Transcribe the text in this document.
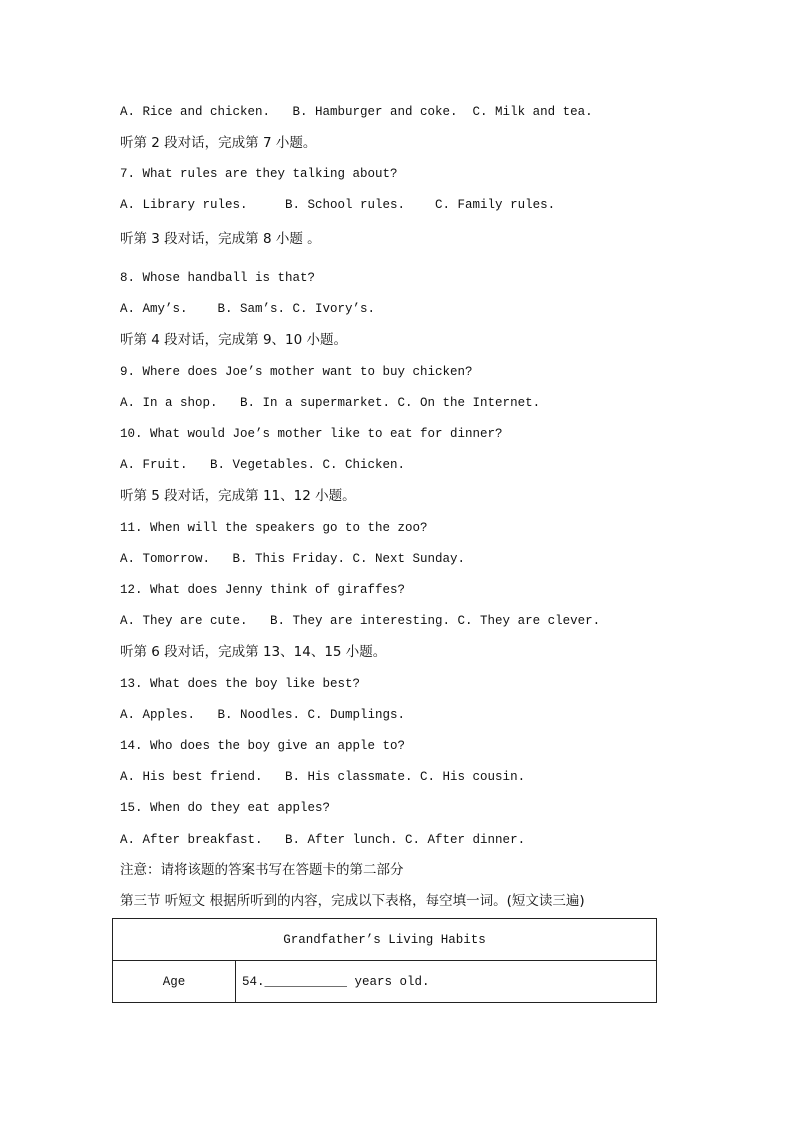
A. Rice and chicken.   B. Hamburger and coke.  C. Milk and tea.
听第 2 段对话，完成第 7 小题。
7. What rules are they talking about?
A. Library rules.     B. School rules.    C. Family rules.
听第 3 段对话，完成第 8 小题 。
8. Whose handball is that?
A. Amy’s.    B. Sam’s. C. Ivory’s.
听第 4 段对话，完成第 9、10 小题。
9. Where does Joe’s mother want to buy chicken?
A. In a shop.   B. In a supermarket. C. On the Internet.
10. What would Joe’s mother like to eat for dinner?
A. Fruit.   B. Vegetables. C. Chicken.
听第 5 段对话，完成第 11、12 小题。
11. When will the speakers go to the zoo?
A. Tomorrow.   B. This Friday. C. Next Sunday.
12. What does Jenny think of giraffes?
A. They are cute.   B. They are interesting. C. They are clever.
听第 6 段对话，完成第 13、14、15 小题。
13. What does the boy like best?
A. Apples.   B. Noodles. C. Dumplings.
14. Who does the boy give an apple to?
A. His best friend.   B. His classmate. C. His cousin.
15. When do they eat apples?
A. After breakfast.   B. After lunch. C. After dinner.
注意：请将该题的答案书写在答题卡的第二部分
第三节 听短文 根据所听到的内容，完成以下表格，每空填一词。(短文读三遍)
Grandfather’s Living Habits
Age	54.___________ years old.
